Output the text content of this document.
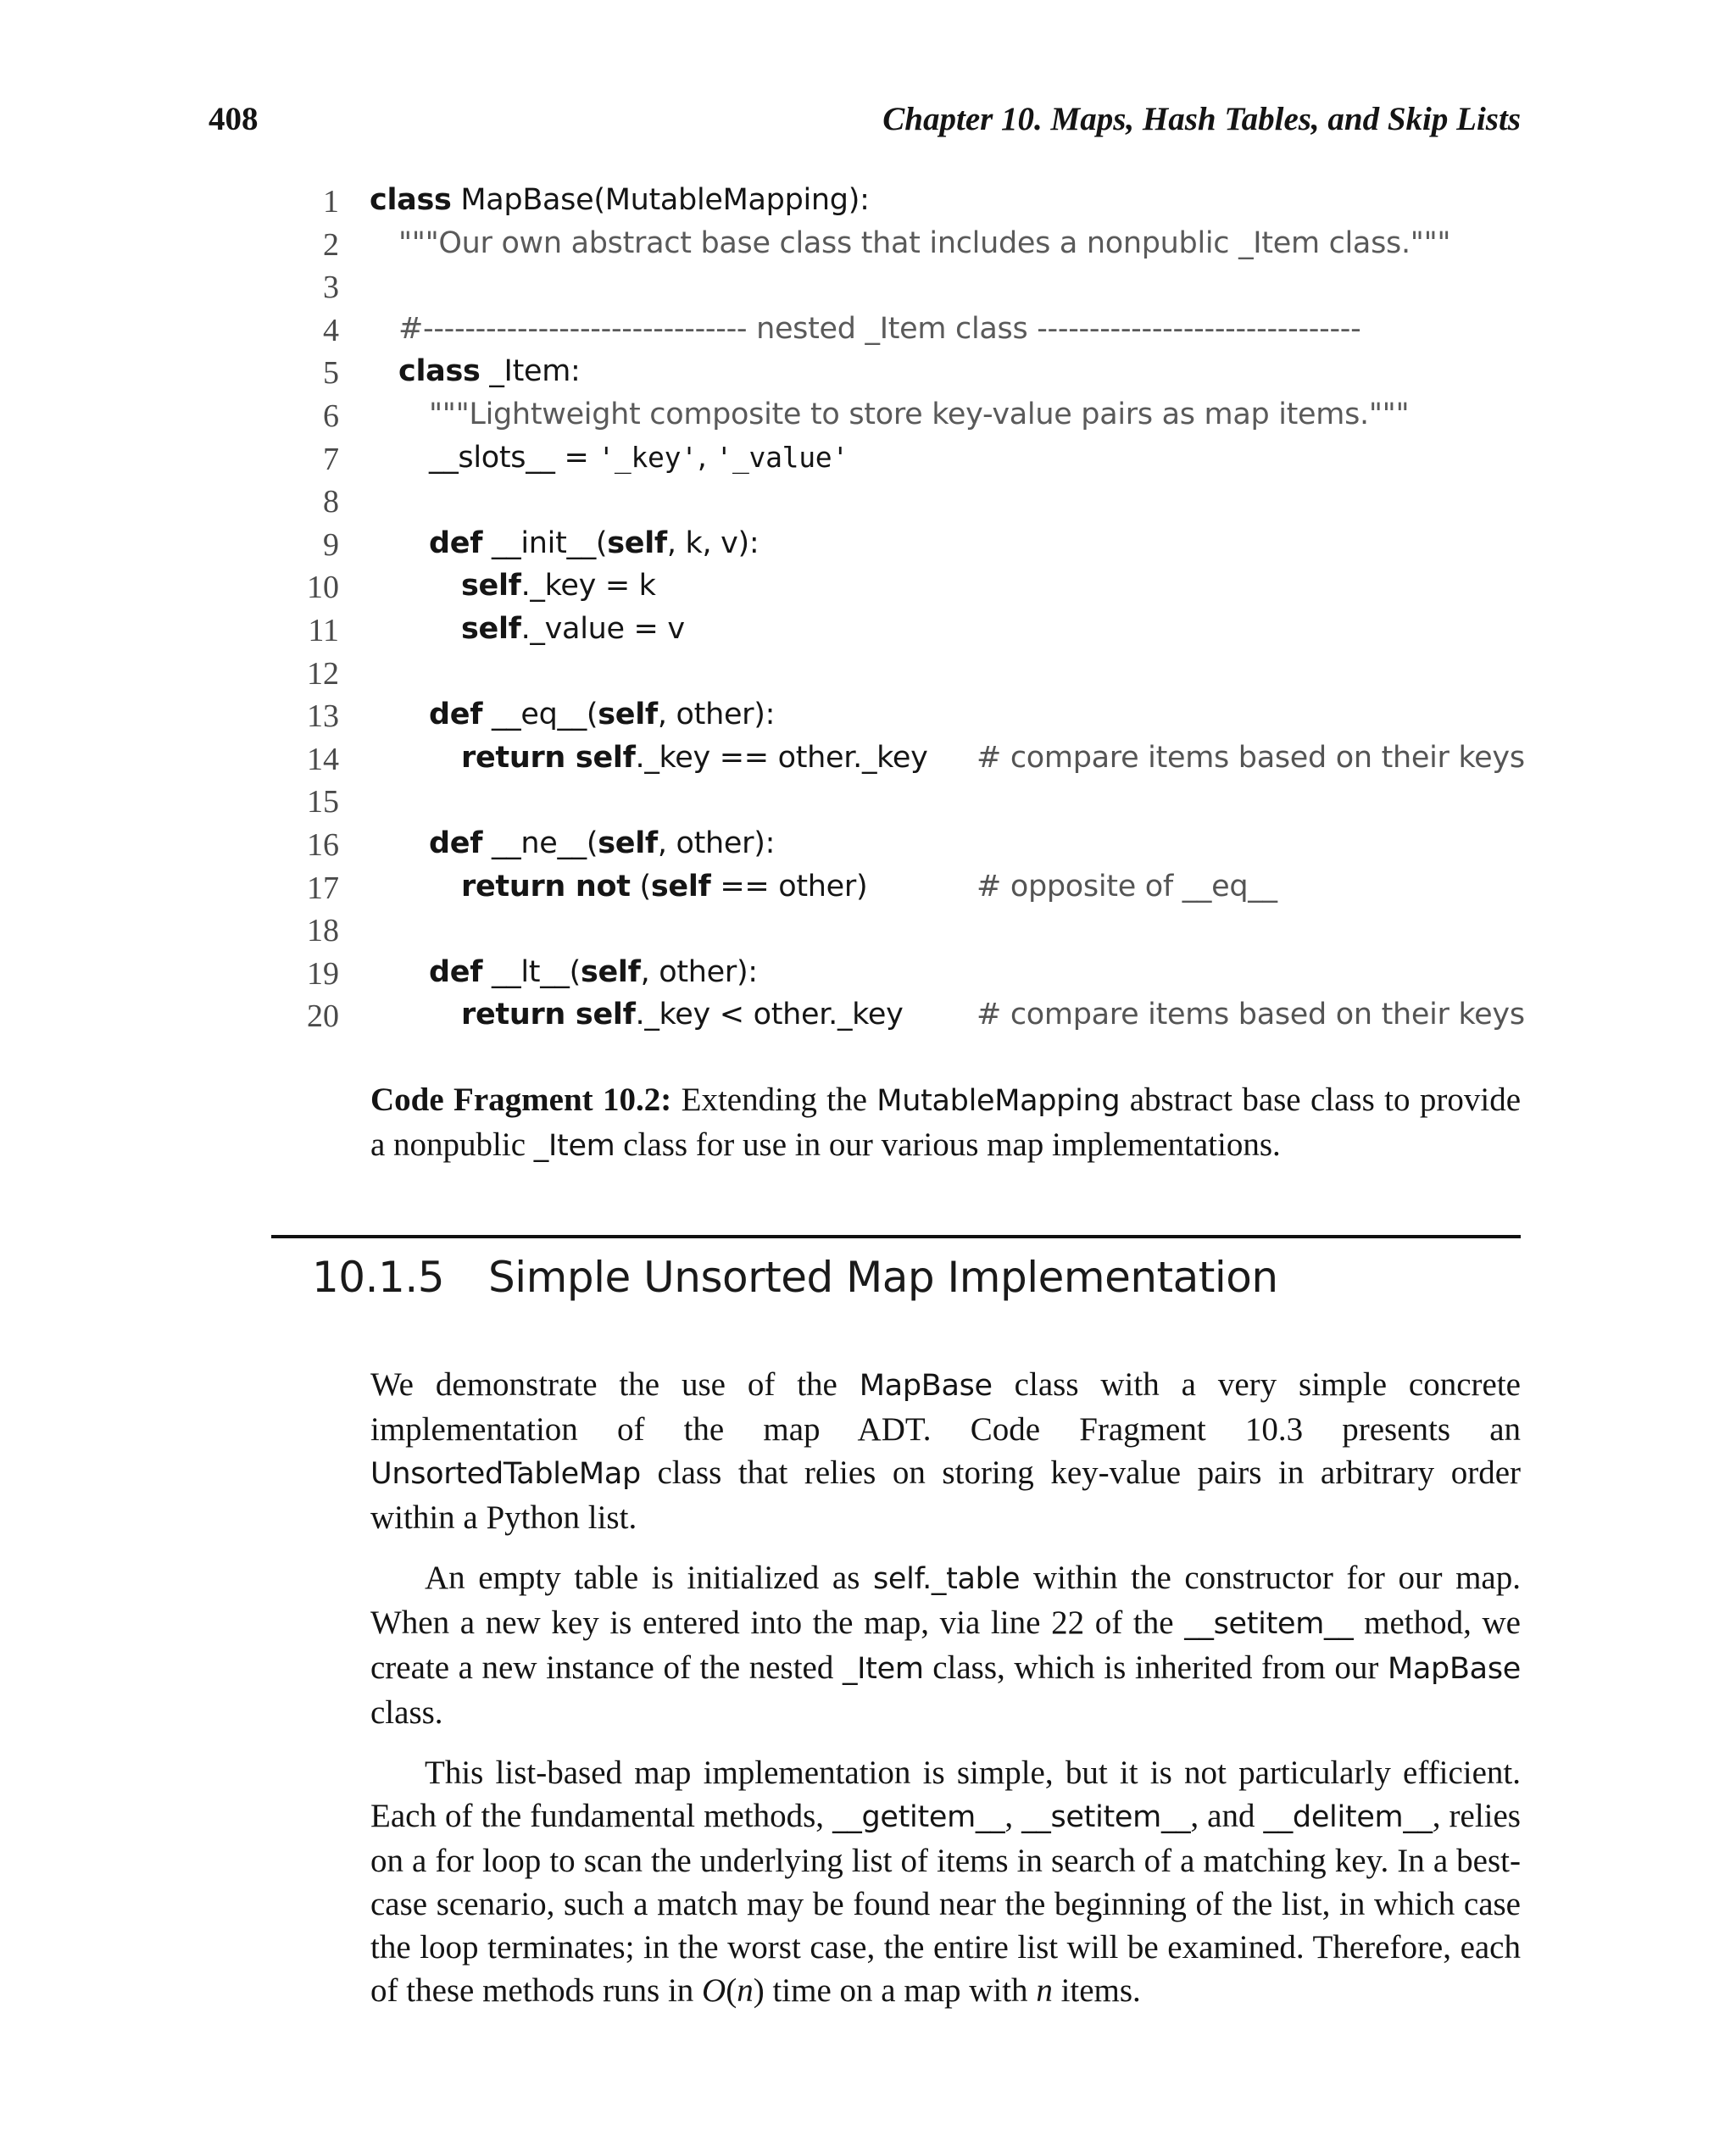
408	Chapter 10. Maps, Hash Tables, and Skip Lists
1 class MapBase(MutableMapping):
2	"""Our own abstract base class that includes a nonpublic _Item class."""
3
4	#------------------------------- nested _Item class -------------------------------
5	class _Item:
6	"""Lightweight composite to store key-value pairs as map items."""
7	__slots__ = '_key', '_value'
8
9	def __init__(self, k, v):
10	self._key = k
11	self._value = v
12
13	def __eq__(self, other):
14	return self._key == other._key # compare items based on their keys
15
16	def __ne__(self, other):
17	return not (self == other)	# opposite of __eq__
18
19	def __lt__(self, other):
20	return self._key < other._key # compare items based on their keys
Code Fragment 10.2: Extending the MutableMapping abstract base class to provide a nonpublic _Item class for use in our various map implementations.
10.1.5 Simple Unsorted Map Implementation

We demonstrate the use of the MapBase class with a very simple concrete implementation of the map ADT. Code Fragment 10.3 presents an UnsortedTableMap class that relies on storing key-value pairs in arbitrary order within a Python list.

An empty table is initialized as self._table within the constructor for our map. When a new key is entered into the map, via line 22 of the __setitem__ method, we create a new instance of the nested _Item class, which is inherited from our MapBase class.

This list-based map implementation is simple, but it is not particularly efficient. Each of the fundamental methods, __getitem__, __setitem__, and __delitem__, relies on a for loop to scan the underlying list of items in search of a matching key. In a best-case scenario, such a match may be found near the beginning of the list, in which case the loop terminates; in the worst case, the entire list will be examined. Therefore, each of these methods runs in O(n) time on a map with n items.
